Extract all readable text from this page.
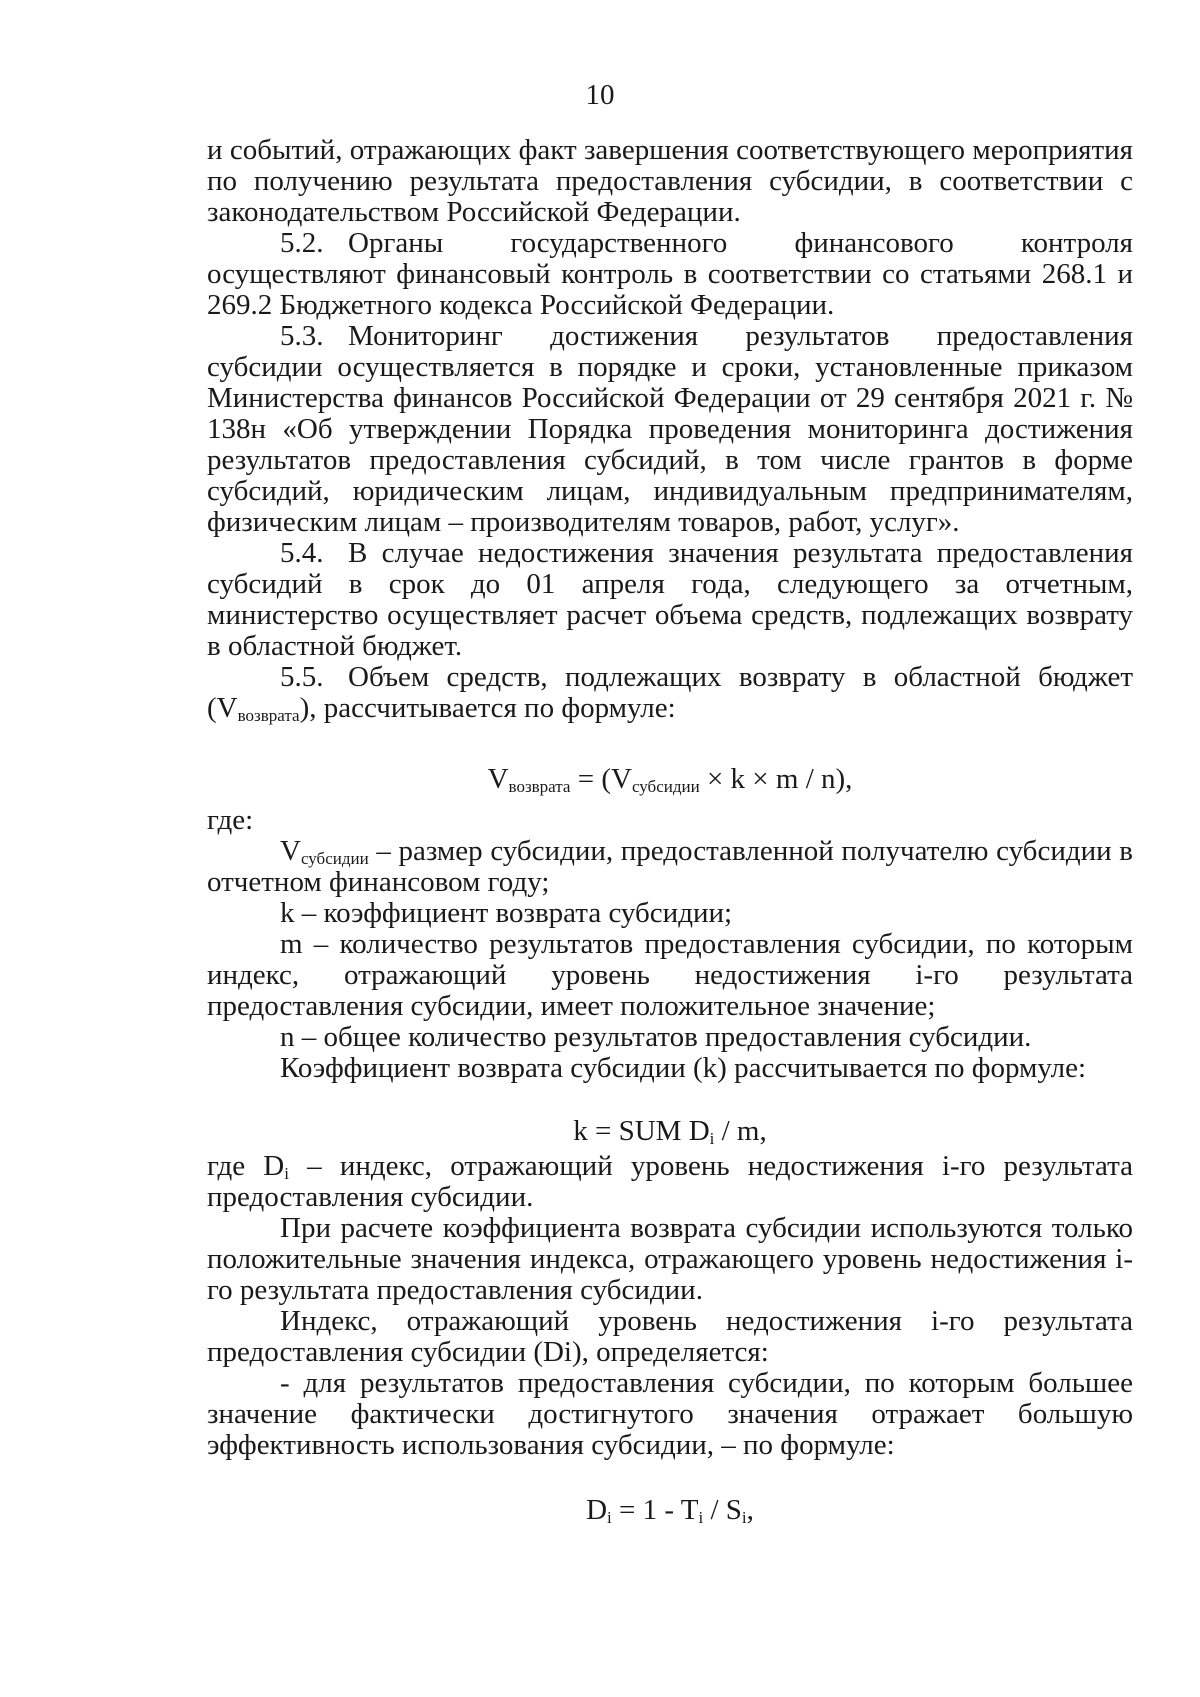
10

и событий, отражающих факт завершения соответствующего мероприятия по получению результата предоставления субсидии, в соответствии с законодательством Российской Федерации.

5.2. Органы государственного финансового контроля осуществляют финансовый контроль в соответствии со статьями 268.1 и 269.2 Бюджетного кодекса Российской Федерации.

5.3. Мониторинг достижения результатов предоставления субсидии осуществляется в порядке и сроки, установленные приказом Министерства финансов Российской Федерации от 29 сентября 2021 г. № 138н «Об утверждении Порядка проведения мониторинга достижения результатов предоставления субсидий, в том числе грантов в форме субсидий, юридическим лицам, индивидуальным предпринимателям, физическим лицам – производителям товаров, работ, услуг».

5.4. В случае недостижения значения результата предоставления субсидий в срок до 01 апреля года, следующего за отчетным, министерство осуществляет расчет объема средств, подлежащих возврату в областной бюджет.

5.5. Объем средств, подлежащих возврату в областной бюджет $(V_{возврата})$, рассчитывается по формуле:

$V_{возврата} = (V_{субсидии} \times k \times m / n)$,

где:

$V_{субсидии}$ – размер субсидии, предоставленной получателю субсидии в отчетном финансовом году;

k – коэффициент возврата субсидии;

m – количество результатов предоставления субсидии, по которым индекс, отражающий уровень недостижения i-го результата предоставления субсидии, имеет положительное значение;

n – общее количество результатов предоставления субсидии.

Коэффициент возврата субсидии (k) рассчитывается по формуле:

k = SUM $D_i$ / m,

где $D_i$ – индекс, отражающий уровень недостижения i-го результата предоставления субсидии.

При расчете коэффициента возврата субсидии используются только положительные значения индекса, отражающего уровень недостижения i-го результата предоставления субсидии.

Индекс, отражающий уровень недостижения i-го результата предоставления субсидии (Di), определяется:

- для результатов предоставления субсидии, по которым большее значение фактически достигнутого значения отражает большую эффективность использования субсидии, – по формуле:

$D_i = 1 - T_i / S_i$,
